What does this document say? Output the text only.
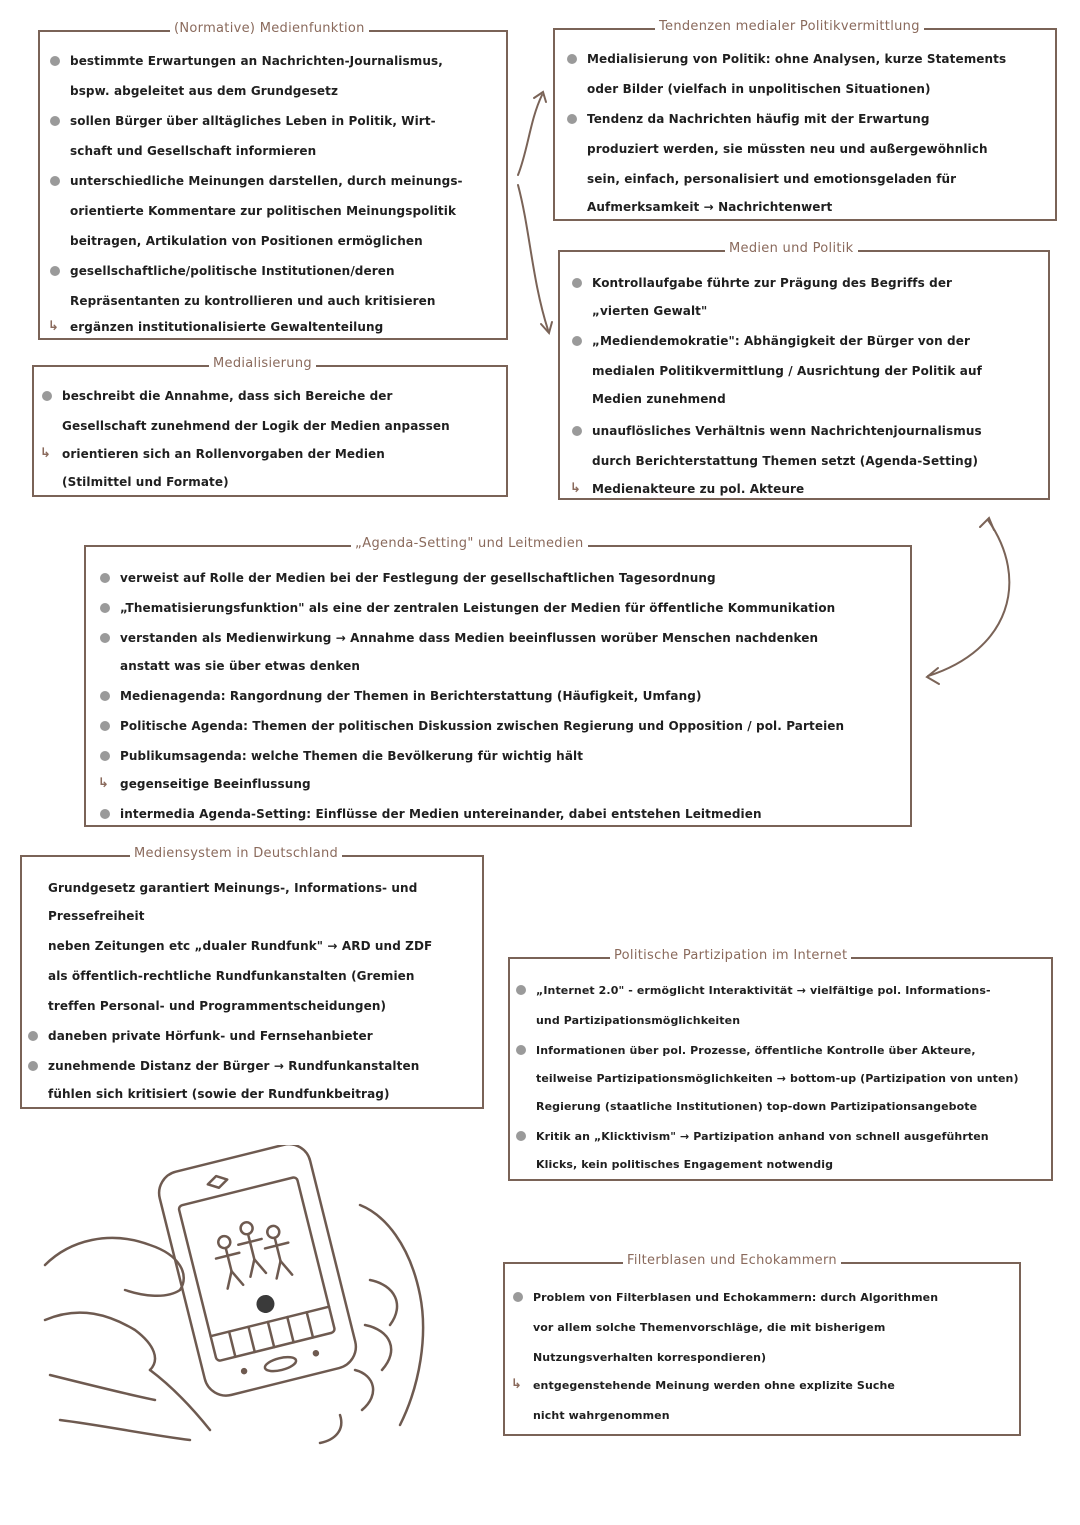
(Normative) Medienfunktion
bestimmte Erwartungen an Nachrichten-Journalismus,
bspw. abgeleitet aus dem Grundgesetz
sollen Bürger über alltägliches Leben in Politik, Wirt-
schaft und Gesellschaft informieren
unterschiedliche Meinungen darstellen, durch meinungs-
orientierte Kommentare zur politischen Meinungspolitik
beitragen, Artikulation von Positionen ermöglichen
gesellschaftliche/politische Institutionen/deren
Repräsentanten zu kontrollieren und auch kritisieren
↳ ergänzen institutionalisierte Gewaltenteilung
Medialisierung
beschreibt die Annahme, dass sich Bereiche der
Gesellschaft zunehmend der Logik der Medien anpassen
↳ orientieren sich an Rollenvorgaben der Medien
(Stilmittel und Formate)
Tendenzen medialer Politikvermittlung
Medialisierung von Politik: ohne Analysen, kurze Statements
oder Bilder (vielfach in unpolitischen Situationen)
Tendenz da Nachrichten häufig mit der Erwartung
produziert werden, sie müssten neu und außergewöhnlich
sein, einfach, personalisiert und emotionsgeladen für
Aufmerksamkeit → Nachrichtenwert
Medien und Politik
Kontrollaufgabe führte zur Prägung des Begriffs der
„vierten Gewalt"
„Mediendemokratie": Abhängigkeit der Bürger von der
medialen Politikvermittlung / Ausrichtung der Politik auf
Medien zunehmend
unauflösliches Verhältnis wenn Nachrichtenjournalismus
durch Berichterstattung Themen setzt (Agenda-Setting)
↳ Medienakteure zu pol. Akteure
„Agenda-Setting" und Leitmedien
verweist auf Rolle der Medien bei der Festlegung der gesellschaftlichen Tagesordnung
„Thematisierungsfunktion" als eine der zentralen Leistungen der Medien für öffentliche Kommunikation
verstanden als Medienwirkung → Annahme dass Medien beeinflussen worüber Menschen nachdenken
anstatt was sie über etwas denken
Medienagenda: Rangordnung der Themen in Berichterstattung (Häufigkeit, Umfang)
Politische Agenda: Themen der politischen Diskussion zwischen Regierung und Opposition / pol. Parteien
Publikumsagenda: welche Themen die Bevölkerung für wichtig hält
↳ gegenseitige Beeinflussung
intermedia Agenda-Setting: Einflüsse der Medien untereinander, dabei entstehen Leitmedien
Mediensystem in Deutschland
Grundgesetz garantiert Meinungs-, Informations- und
Pressefreiheit
neben Zeitungen etc „dualer Rundfunk" → ARD und ZDF
als öffentlich-rechtliche Rundfunkanstalten (Gremien
treffen Personal- und Programmentscheidungen)
daneben private Hörfunk- und Fernsehanbieter
zunehmende Distanz der Bürger → Rundfunkanstalten
fühlen sich kritisiert (sowie der Rundfunkbeitrag)
Politische Partizipation im Internet
„Internet 2.0" - ermöglicht Interaktivität → vielfältige pol. Informations-
und Partizipationsmöglichkeiten
Informationen über pol. Prozesse, öffentliche Kontrolle über Akteure,
teilweise Partizipationsmöglichkeiten → bottom-up (Partizipation von unten)
Regierung (staatliche Institutionen) top-down Partizipationsangebote
Kritik an „Klicktivism" → Partizipation anhand von schnell ausgeführten
Klicks, kein politisches Engagement notwendig
Filterblasen und Echokammern
Problem von Filterblasen und Echokammern: durch Algorithmen
vor allem solche Themenvorschläge, die mit bisherigem
Nutzungsverhalten korrespondieren)
↳ entgegenstehende Meinung werden ohne explizite Suche
nicht wahrgenommen
